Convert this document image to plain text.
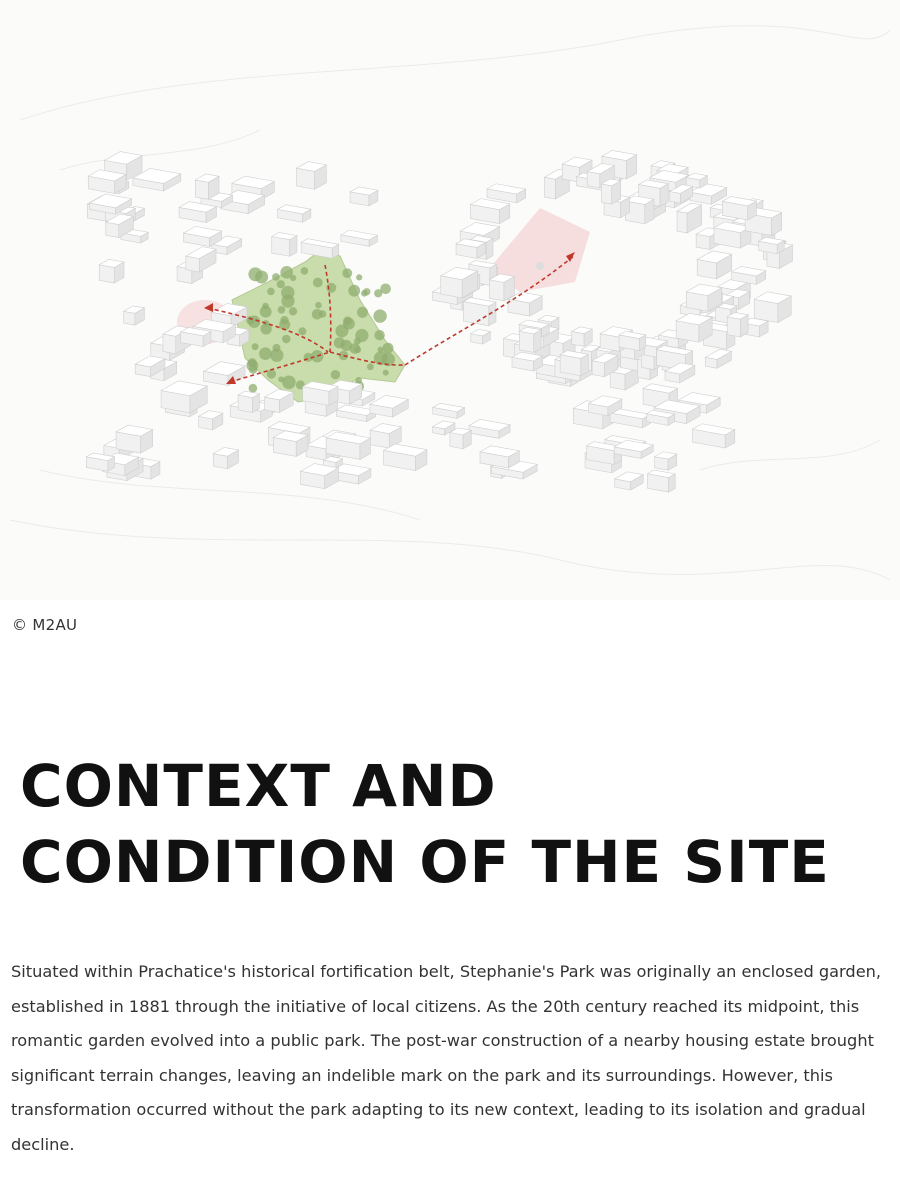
© M2AU
CONTEXT AND CONDITION OF THE SITE

Situated within Prachatice's historical fortification belt, Stephanie's Park was originally an enclosed garden, established in 1881 through the initiative of local citizens. As the 20th century reached its midpoint, this romantic garden evolved into a public park. The post-war construction of a nearby housing estate brought significant terrain changes, leaving an indelible mark on the park and its surroundings. However, this transformation occurred without the park adapting to its new context, leading to its isolation and gradual decline.
